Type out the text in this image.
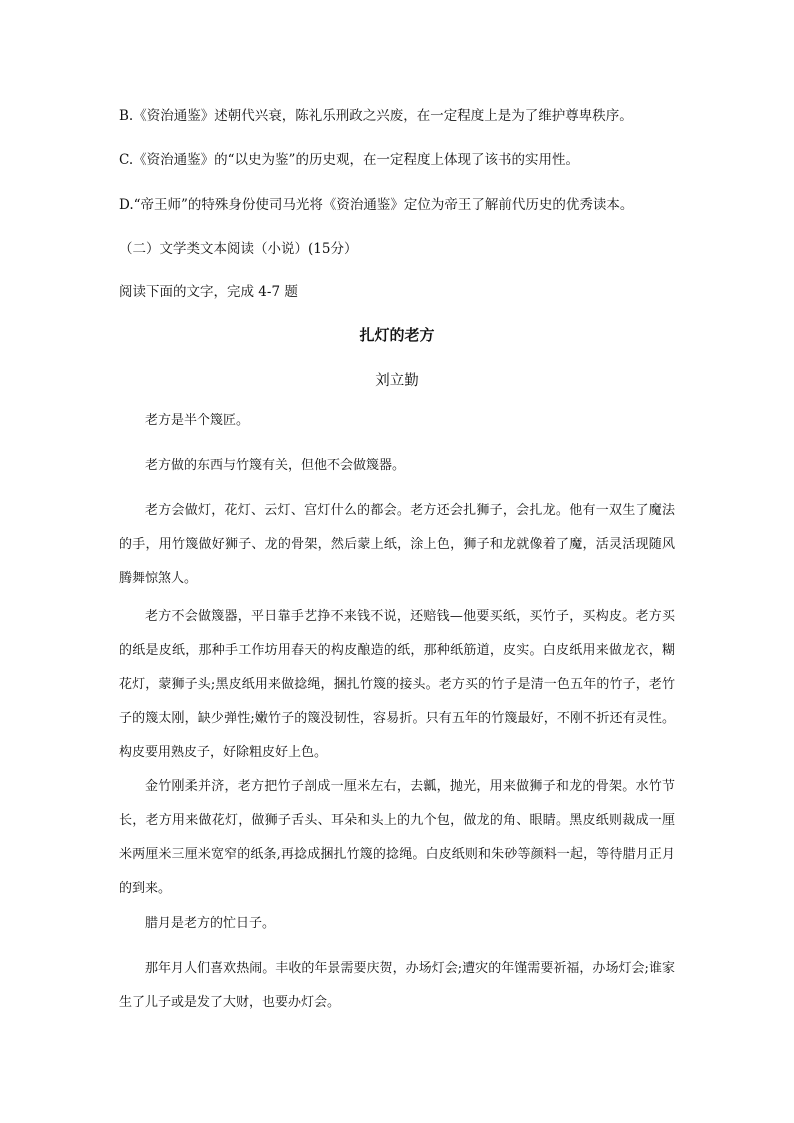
B.《资治通鉴》述朝代兴衰，陈礼乐刑政之兴废，在一定程度上是为了维护尊卑秩序。
C.《资治通鉴》的“以史为鉴”的历史观，在一定程度上体现了该书的实用性。
D.“帝王师”的特殊身份使司马光将《资治通鉴》定位为帝王了解前代历史的优秀读本。
（二）文学类文本阅读（小说）(15分）
阅读下面的文字，完成 4-7 题
扎灯的老方
刘立勤
老方是半个篾匠。
老方做的东西与竹篾有关，但他不会做篾器。
老方会做灯，花灯、云灯、宫灯什么的都会。老方还会扎狮子，会扎龙。他有一双生了魔法的手，用竹篾做好狮子、龙的骨架，然后蒙上纸，涂上色，狮子和龙就像着了魔，活灵活现随风腾舞惊煞人。
老方不会做篾器，平日靠手艺挣不来钱不说，还赔钱—他要买纸，买竹子，买构皮。老方买的纸是皮纸，那种手工作坊用春天的构皮酿造的纸，那种纸筋道，皮实。白皮纸用来做龙衣，糊花灯，蒙狮子头;黑皮纸用来做捻绳，捆扎竹篾的接头。老方买的竹子是清一色五年的竹子，老竹子的篾太刚，缺少弹性;嫩竹子的篾没韧性，容易折。只有五年的竹篾最好，不刚不折还有灵性。构皮要用熟皮子，好除粗皮好上色。
金竹刚柔并济，老方把竹子剖成一厘米左右，去瓤，抛光，用来做狮子和龙的骨架。水竹节长，老方用来做花灯，做狮子舌头、耳朵和头上的九个包，做龙的角、眼睛。黑皮纸则裁成一厘米两厘米三厘米宽窄的纸条,再捻成捆扎竹篾的捻绳。白皮纸则和朱砂等颜料一起，等待腊月正月的到来。
腊月是老方的忙日子。
那年月人们喜欢热闹。丰收的年景需要庆贺，办场灯会;遭灾的年馑需要祈福，办场灯会;谁家生了儿子或是发了大财，也要办灯会。
